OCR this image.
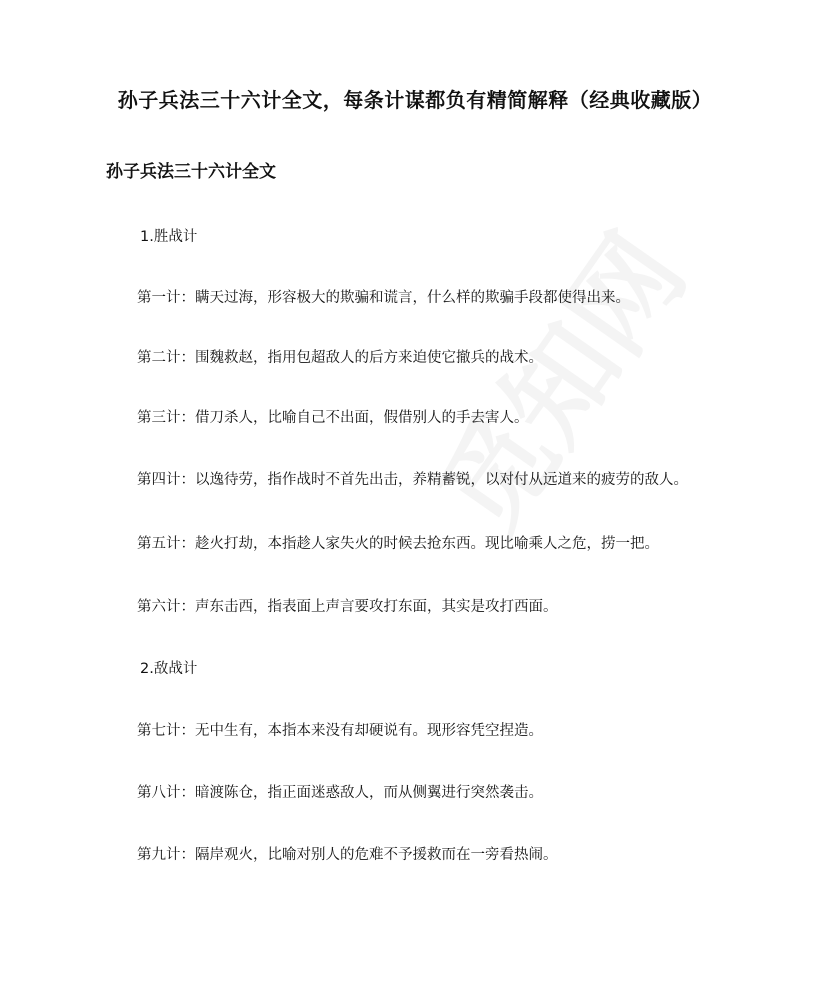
孙子兵法三十六计全文，每条计谋都负有精简解释（经典收藏版）
孙子兵法三十六计全文
1.胜战计
第一计：瞒天过海，形容极大的欺骗和谎言，什么样的欺骗手段都使得出来。
第二计：围魏救赵，指用包超敌人的后方来迫使它撤兵的战术。
第三计：借刀杀人，比喻自己不出面，假借别人的手去害人。
第四计：以逸待劳，指作战时不首先出击，养精蓄锐，以对付从远道来的疲劳的敌人。
第五计：趁火打劫，本指趁人家失火的时候去抢东西。现比喻乘人之危，捞一把。
第六计：声东击西，指表面上声言要攻打东面，其实是攻打西面。
2.敌战计
第七计：无中生有，本指本来没有却硬说有。现形容凭空捏造。
第八计：暗渡陈仓，指正面迷惑敌人，而从侧翼进行突然袭击。
第九计：隔岸观火，比喻对别人的危难不予援救而在一旁看热闹。
